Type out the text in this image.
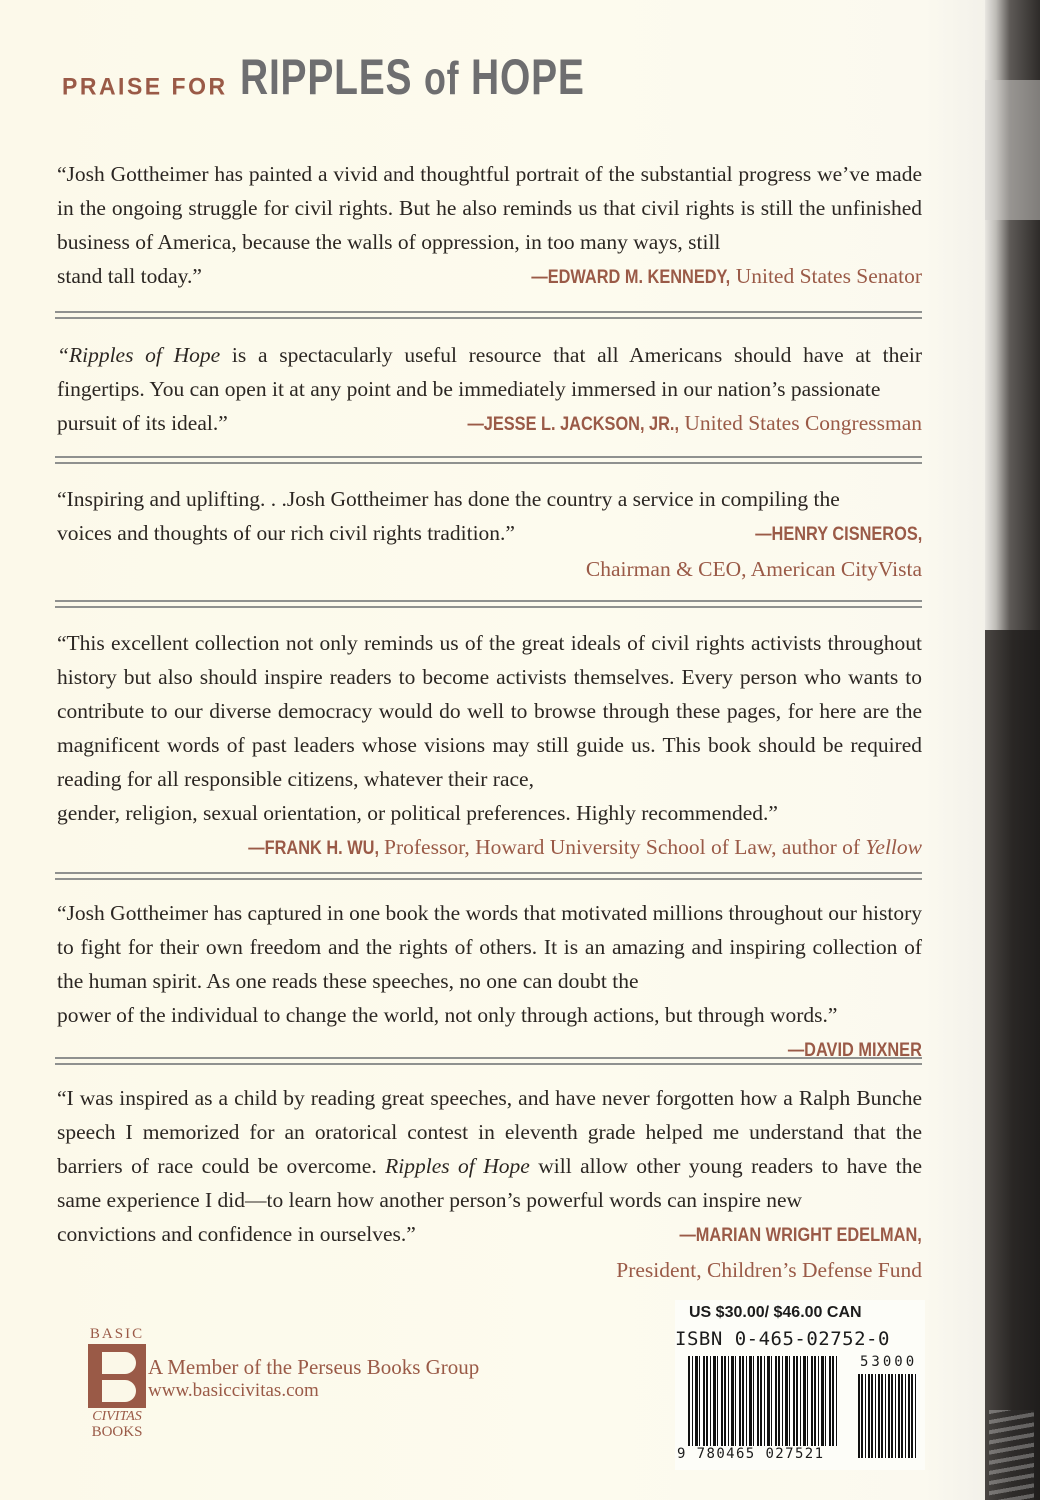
PRAISE FOR RIPPLES of HOPE

“Josh Gottheimer has painted a vivid and thoughtful portrait of the substantial progress we’ve made in the ongoing struggle for civil rights. But he also reminds us that civil rights is still the unfinished business of America, because the walls of oppression, in too many ways, still

—EDWARD M. KENNEDY, United States Senator
stand tall today.”

“Ripples of Hope is a spectacularly useful resource that all Americans should have at their fingertips. You can open it at any point and be immediately immersed in our nation’s passionate

—JESSE L. JACKSON, JR., United States Congressman
pursuit of its ideal.”

“Inspiring and uplifting. . .Josh Gottheimer has done the country a service in compiling the

—HENRY CISNEROS,
voices and thoughts of our rich civil rights tradition.”
Chairman & CEO, American CityVista

“This excellent collection not only reminds us of the great ideals of civil rights activists throughout history but also should inspire readers to become activists themselves. Every person who wants to contribute to our diverse democracy would do well to browse through these pages, for here are the magnificent words of past leaders whose visions may still guide us. This book should be required reading for all responsible citizens, whatever their race,

gender, religion, sexual orientation, or political preferences. Highly recommended.”
—FRANK H. WU, Professor, Howard University School of Law, author of Yellow

“Josh Gottheimer has captured in one book the words that motivated millions throughout our history to fight for their own freedom and the rights of others. It is an amazing and inspiring collection of the human spirit. As one reads these speeches, no one can doubt the

power of the individual to change the world, not only through actions, but through words.”
—DAVID MIXNER

“I was inspired as a child by reading great speeches, and have never forgotten how a Ralph Bunche speech I memorized for an oratorical contest in eleventh grade helped me understand that the barriers of race could be overcome. Ripples of Hope will allow other young readers to have the same experience I did—to learn how another person’s powerful words can inspire new

—MARIAN WRIGHT EDELMAN,
convictions and confidence in ourselves.”
President, Children’s Defense Fund
BASIC
CIVITAS
BOOKS
A Member of the Perseus Books Group
www.basiccivitas.com
US $30.00/ $46.00 CAN
ISBN 0-465-02752-0
53000
9 780465 027521
